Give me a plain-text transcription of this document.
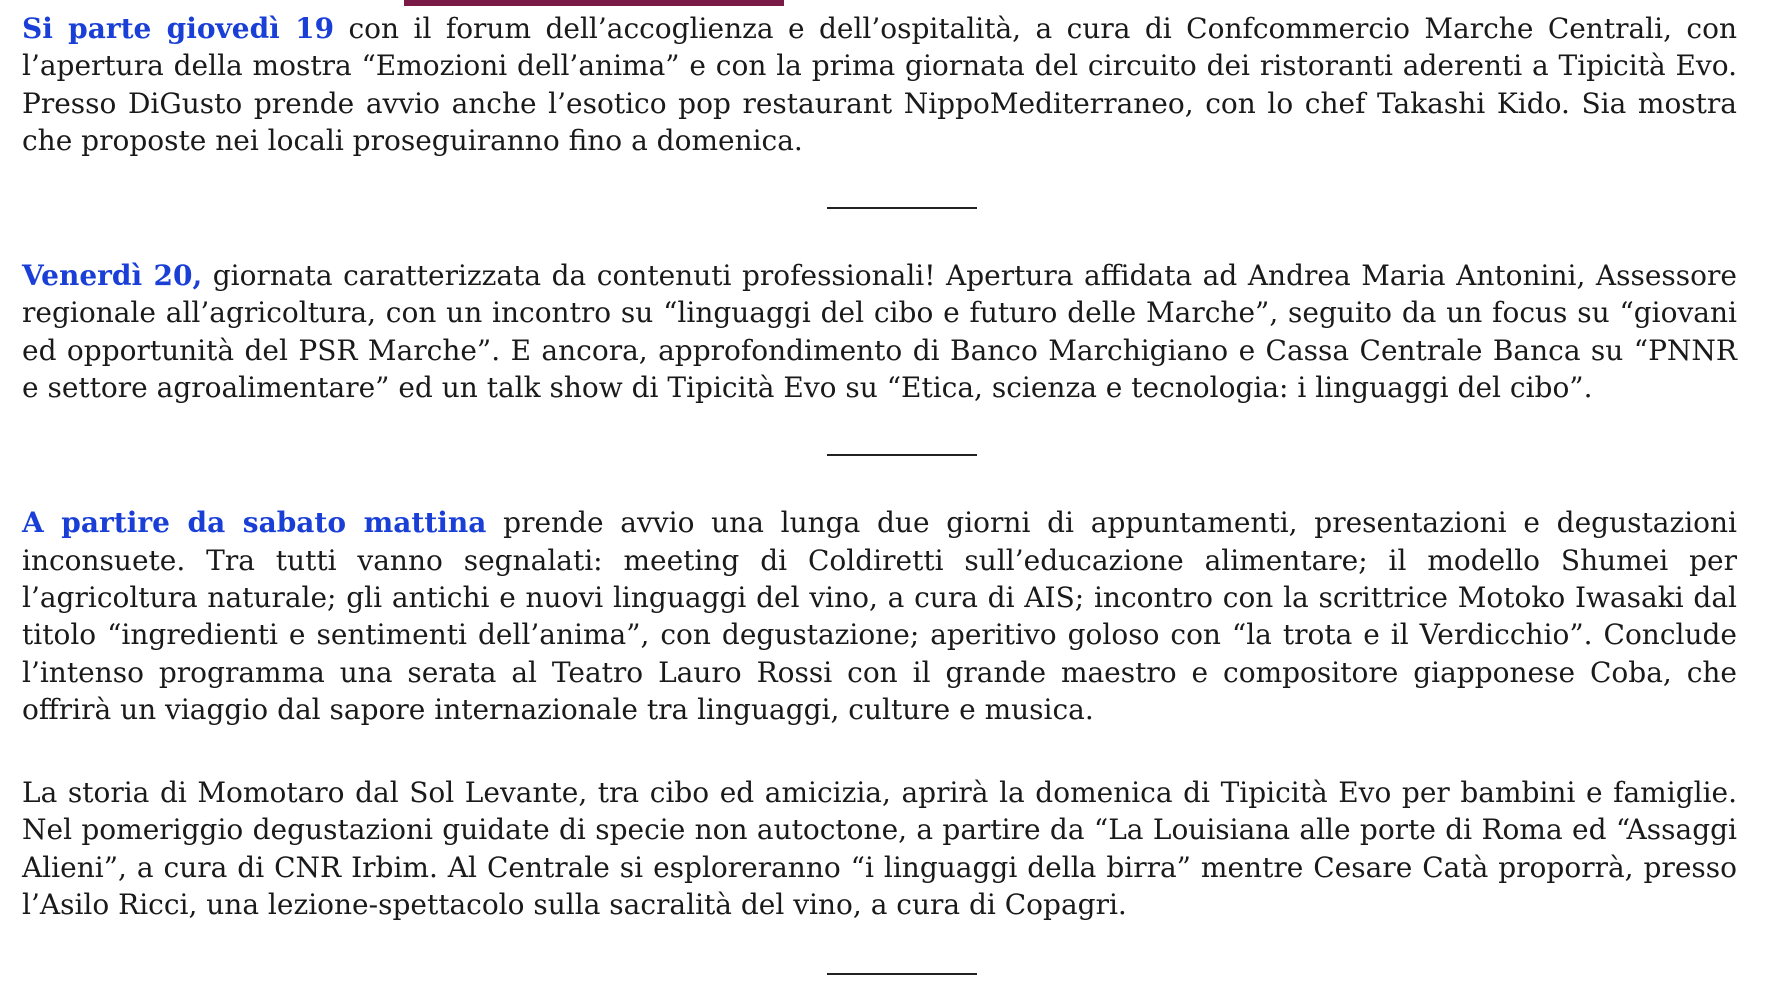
Si parte giovedì 19 con il forum dell’accoglienza e dell’ospitalità, a cura di Confcommercio Marche Centrali, con l’apertura della mostra “Emozioni dell’anima” e con la prima giornata del circuito dei ristoranti aderenti a Tipicità Evo. Presso DiGusto prende avvio anche l’esotico pop restaurant NippoMediterraneo, con lo chef Takashi Kido. Sia mostra che proposte nei locali proseguiranno fino a domenica.

Venerdì 20, giornata caratterizzata da contenuti professionali! Apertura affidata ad Andrea Maria Antonini, Assessore regionale all’agricoltura, con un incontro su “linguaggi del cibo e futuro delle Marche”, seguito da un focus su “giovani ed opportunità del PSR Marche”. E ancora, approfondimento di Banco Marchigiano e Cassa Centrale Banca su “PNNR e settore agroalimentare” ed un talk show di Tipicità Evo su “Etica, scienza e tecnologia: i linguaggi del cibo”.

A partire da sabato mattina prende avvio una lunga due giorni di appuntamenti, presentazioni e degustazioni inconsuete. Tra tutti vanno segnalati: meeting di Coldiretti sull’educazione alimentare; il modello Shumei per l’agricoltura naturale; gli antichi e nuovi linguaggi del vino, a cura di AIS; incontro con la scrittrice Motoko Iwasaki dal titolo “ingredienti e sentimenti dell’anima”, con degustazione; aperitivo goloso con “la trota e il Verdicchio”. Conclude l’intenso programma una serata al Teatro Lauro Rossi con il grande maestro e compositore giapponese Coba, che offrirà un viaggio dal sapore internazionale tra linguaggi, culture e musica.

La storia di Momotaro dal Sol Levante, tra cibo ed amicizia, aprirà la domenica di Tipicità Evo per bambini e famiglie. Nel pomeriggio degustazioni guidate di specie non autoctone, a partire da “La Louisiana alle porte di Roma ed “Assaggi Alieni”, a cura di CNR Irbim. Al Centrale si esploreranno “i linguaggi della birra” mentre Cesare Catà proporrà, presso l’Asilo Ricci, una lezione-spettacolo sulla sacralità del vino, a cura di Copagri.
